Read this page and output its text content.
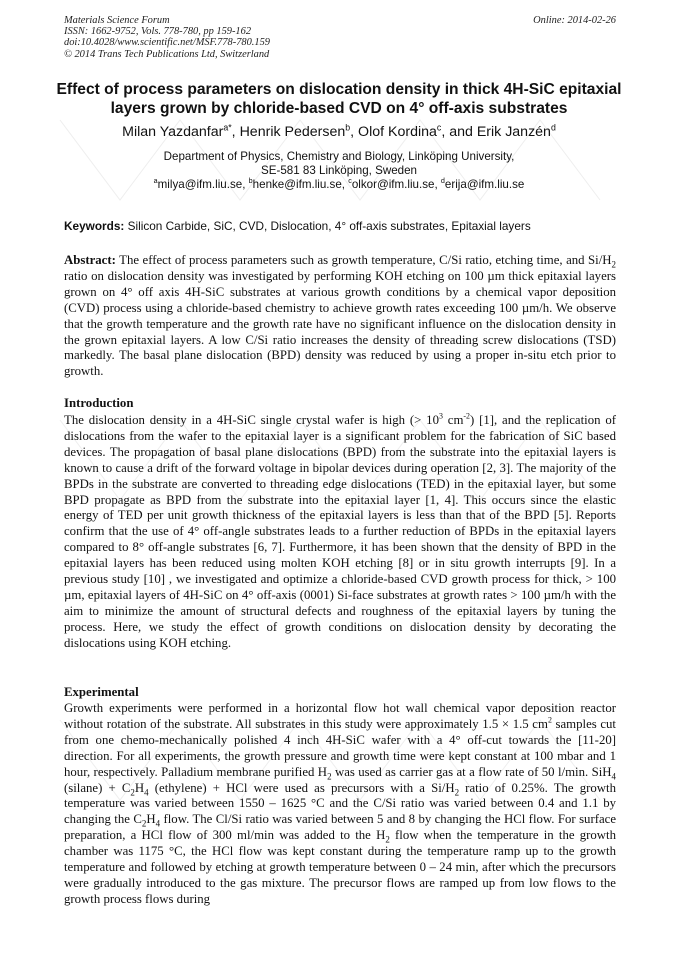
Materials Science Forum
ISSN: 1662-9752, Vols. 778-780, pp 159-162
doi:10.4028/www.scientific.net/MSF.778-780.159
© 2014 Trans Tech Publications Ltd, Switzerland
Online: 2014-02-26
Effect of process parameters on dislocation density in thick 4H-SiC epitaxial layers grown by chloride-based CVD on 4° off-axis substrates
Milan Yazdanfar$^{a*}$, Henrik Pedersen$^b$, Olof Kordina$^c$, and Erik Janzén$^d$
Department of Physics, Chemistry and Biology, Linköping University,
SE-581 83 Linköping, Sweden
$^a$milya@ifm.liu.se, $^b$henke@ifm.liu.se, $^c$olkor@ifm.liu.se, $^d$erija@ifm.liu.se
Keywords: Silicon Carbide, SiC, CVD, Dislocation, 4° off-axis substrates, Epitaxial layers
Abstract: The effect of process parameters such as growth temperature, C/Si ratio, etching time, and $Si/H_2$ ratio on dislocation density was investigated by performing KOH etching on 100 µm thick epitaxial layers grown on 4° off axis 4H-SiC substrates at various growth conditions by a chemical vapor deposition (CVD) process using a chloride-based chemistry to achieve growth rates exceeding 100 µm/h. We observe that the growth temperature and the growth rate have no significant influence on the dislocation density in the grown epitaxial layers. A low C/Si ratio increases the density of threading screw dislocations (TSD) markedly. The basal plane dislocation (BPD) density was reduced by using a proper in-situ etch prior to growth.
Introduction
The dislocation density in a 4H-SiC single crystal wafer is high (> $10^3$ $cm^{-2}$) [1], and the replication of dislocations from the wafer to the epitaxial layer is a significant problem for the fabrication of SiC based devices. The propagation of basal plane dislocations (BPD) from the substrate into the epitaxial layers is known to cause a drift of the forward voltage in bipolar devices during operation [2, 3]. The majority of the BPDs in the substrate are converted to threading edge dislocations (TED) in the epitaxial layer, but some BPD propagate as BPD from the substrate into the epitaxial layer [1, 4]. This occurs since the elastic energy of TED per unit growth thickness of the epitaxial layers is less than that of the BPD [5]. Reports confirm that the use of 4° off-angle substrates leads to a further reduction of BPDs in the epitaxial layers compared to 8° off-angle substrates [6, 7]. Furthermore, it has been shown that the density of BPD in the epitaxial layers has been reduced using molten KOH etching [8] or in situ growth interrupts [9]. In a previous study [10] , we investigated and optimize a chloride-based CVD growth process for thick, > 100 µm, epitaxial layers of 4H-SiC on 4° off-axis (0001) Si-face substrates at growth rates > 100 µm/h with the aim to minimize the amount of structural defects and roughness of the epitaxial layers by tuning the process. Here, we study the effect of growth conditions on dislocation density by decorating the dislocations using KOH etching.
Experimental
Growth experiments were performed in a horizontal flow hot wall chemical vapor deposition reactor without rotation of the substrate. All substrates in this study were approximately 1.5 × 1.5 $cm^2$ samples cut from one chemo-mechanically polished 4 inch 4H-SiC wafer with a 4° off-cut towards the [11-20] direction. For all experiments, the growth pressure and growth time were kept constant at 100 mbar and 1 hour, respectively. Palladium membrane purified $H_2$ was used as carrier gas at a flow rate of 50 l/min. SiH$_4$ (silane) + $C_2H_4$ (ethylene) + HCl were used as precursors with a $Si/H_2$ ratio of 0.25%. The growth temperature was varied between 1550 – 1625 °C and the C/Si ratio was varied between 0.4 and 1.1 by changing the $C_2H_4$ flow. The Cl/Si ratio was varied between 5 and 8 by changing the HCl flow. For surface preparation, a HCl flow of 300 ml/min was added to the $H_2$ flow when the temperature in the growth chamber was 1175 °C, the HCl flow was kept constant during the temperature ramp up to the growth temperature and followed by etching at growth temperature between 0 – 24 min, after which the precursors were gradually introduced to the gas mixture. The precursor flows are ramped up from low flows to the growth process flows during
